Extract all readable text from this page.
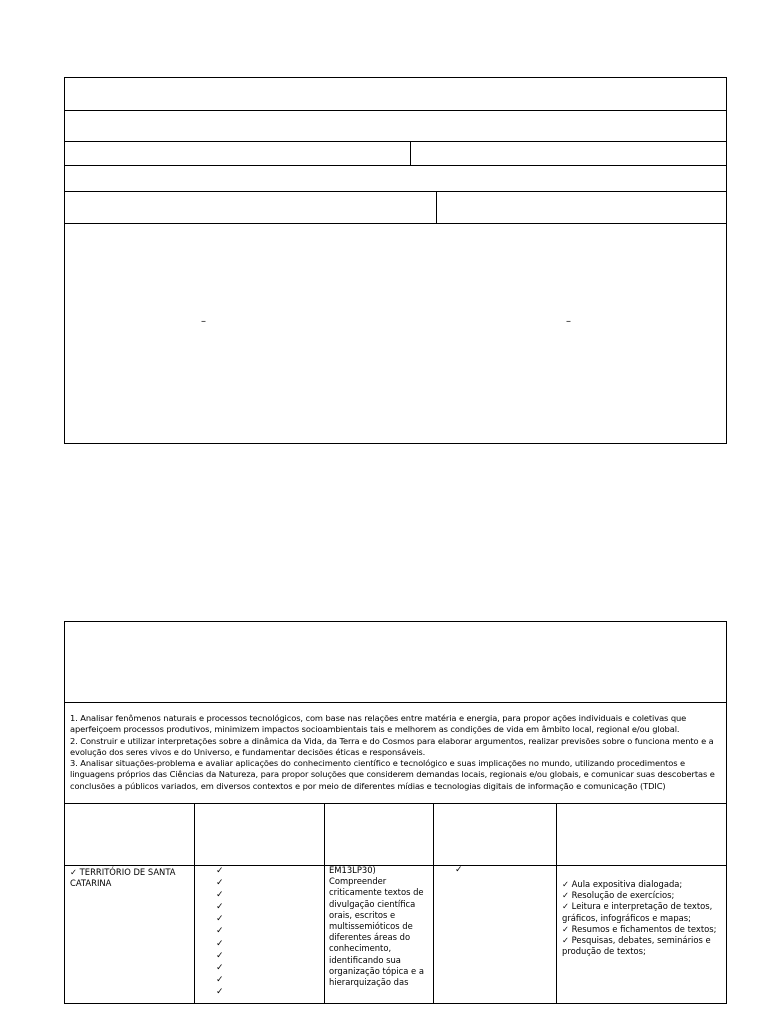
–	–

1. Analisar fenômenos naturais e processos tecnológicos, com base nas relações entre matéria e energia, para propor ações individuais e coletivas que

aperfeiçoem processos produtivos, minimizem impactos socioambientais tais e melhorem as condições de vida em âmbito local, regional e/ou global.

2. Construir e utilizar interpretações sobre a dinâmica da Vida, da Terra e do Cosmos para elaborar argumentos, realizar previsões sobre o funciona mento e a

evolução dos seres vivos e do Universo, e fundamentar decisões éticas e responsáveis.

3. Analisar situações-problema e avaliar aplicações do conhecimento científico e tecnológico e suas implicações no mundo, utilizando procedimentos e

linguagens próprios das Ciências da Natureza, para propor soluções que considerem demandas locais, regionais e/ou globais, e comunicar suas descobertas e

conclusões a públicos variados, em diversos contextos e por meio de diferentes mídias e tecnologias digitais de informação e comunicação (TDIC)

✓ TERRITÓRIO DE SANTA CATARINA
✓
✓
✓
✓
✓
✓
✓
✓
✓
✓
✓
EM13LP30) Compreender criticamente textos de divulgação científica orais, escritos e multissemióticos de diferentes áreas do conhecimento, identificando sua organização tópica e a hierarquização das
✓
✓ Aula expositiva dialogada;
✓ Resolução de exercícios;
✓ Leitura e interpretação de textos, gráficos, infográficos e mapas;
✓ Resumos e fichamentos de textos;
✓ Pesquisas, debates, seminários e produção de textos;
